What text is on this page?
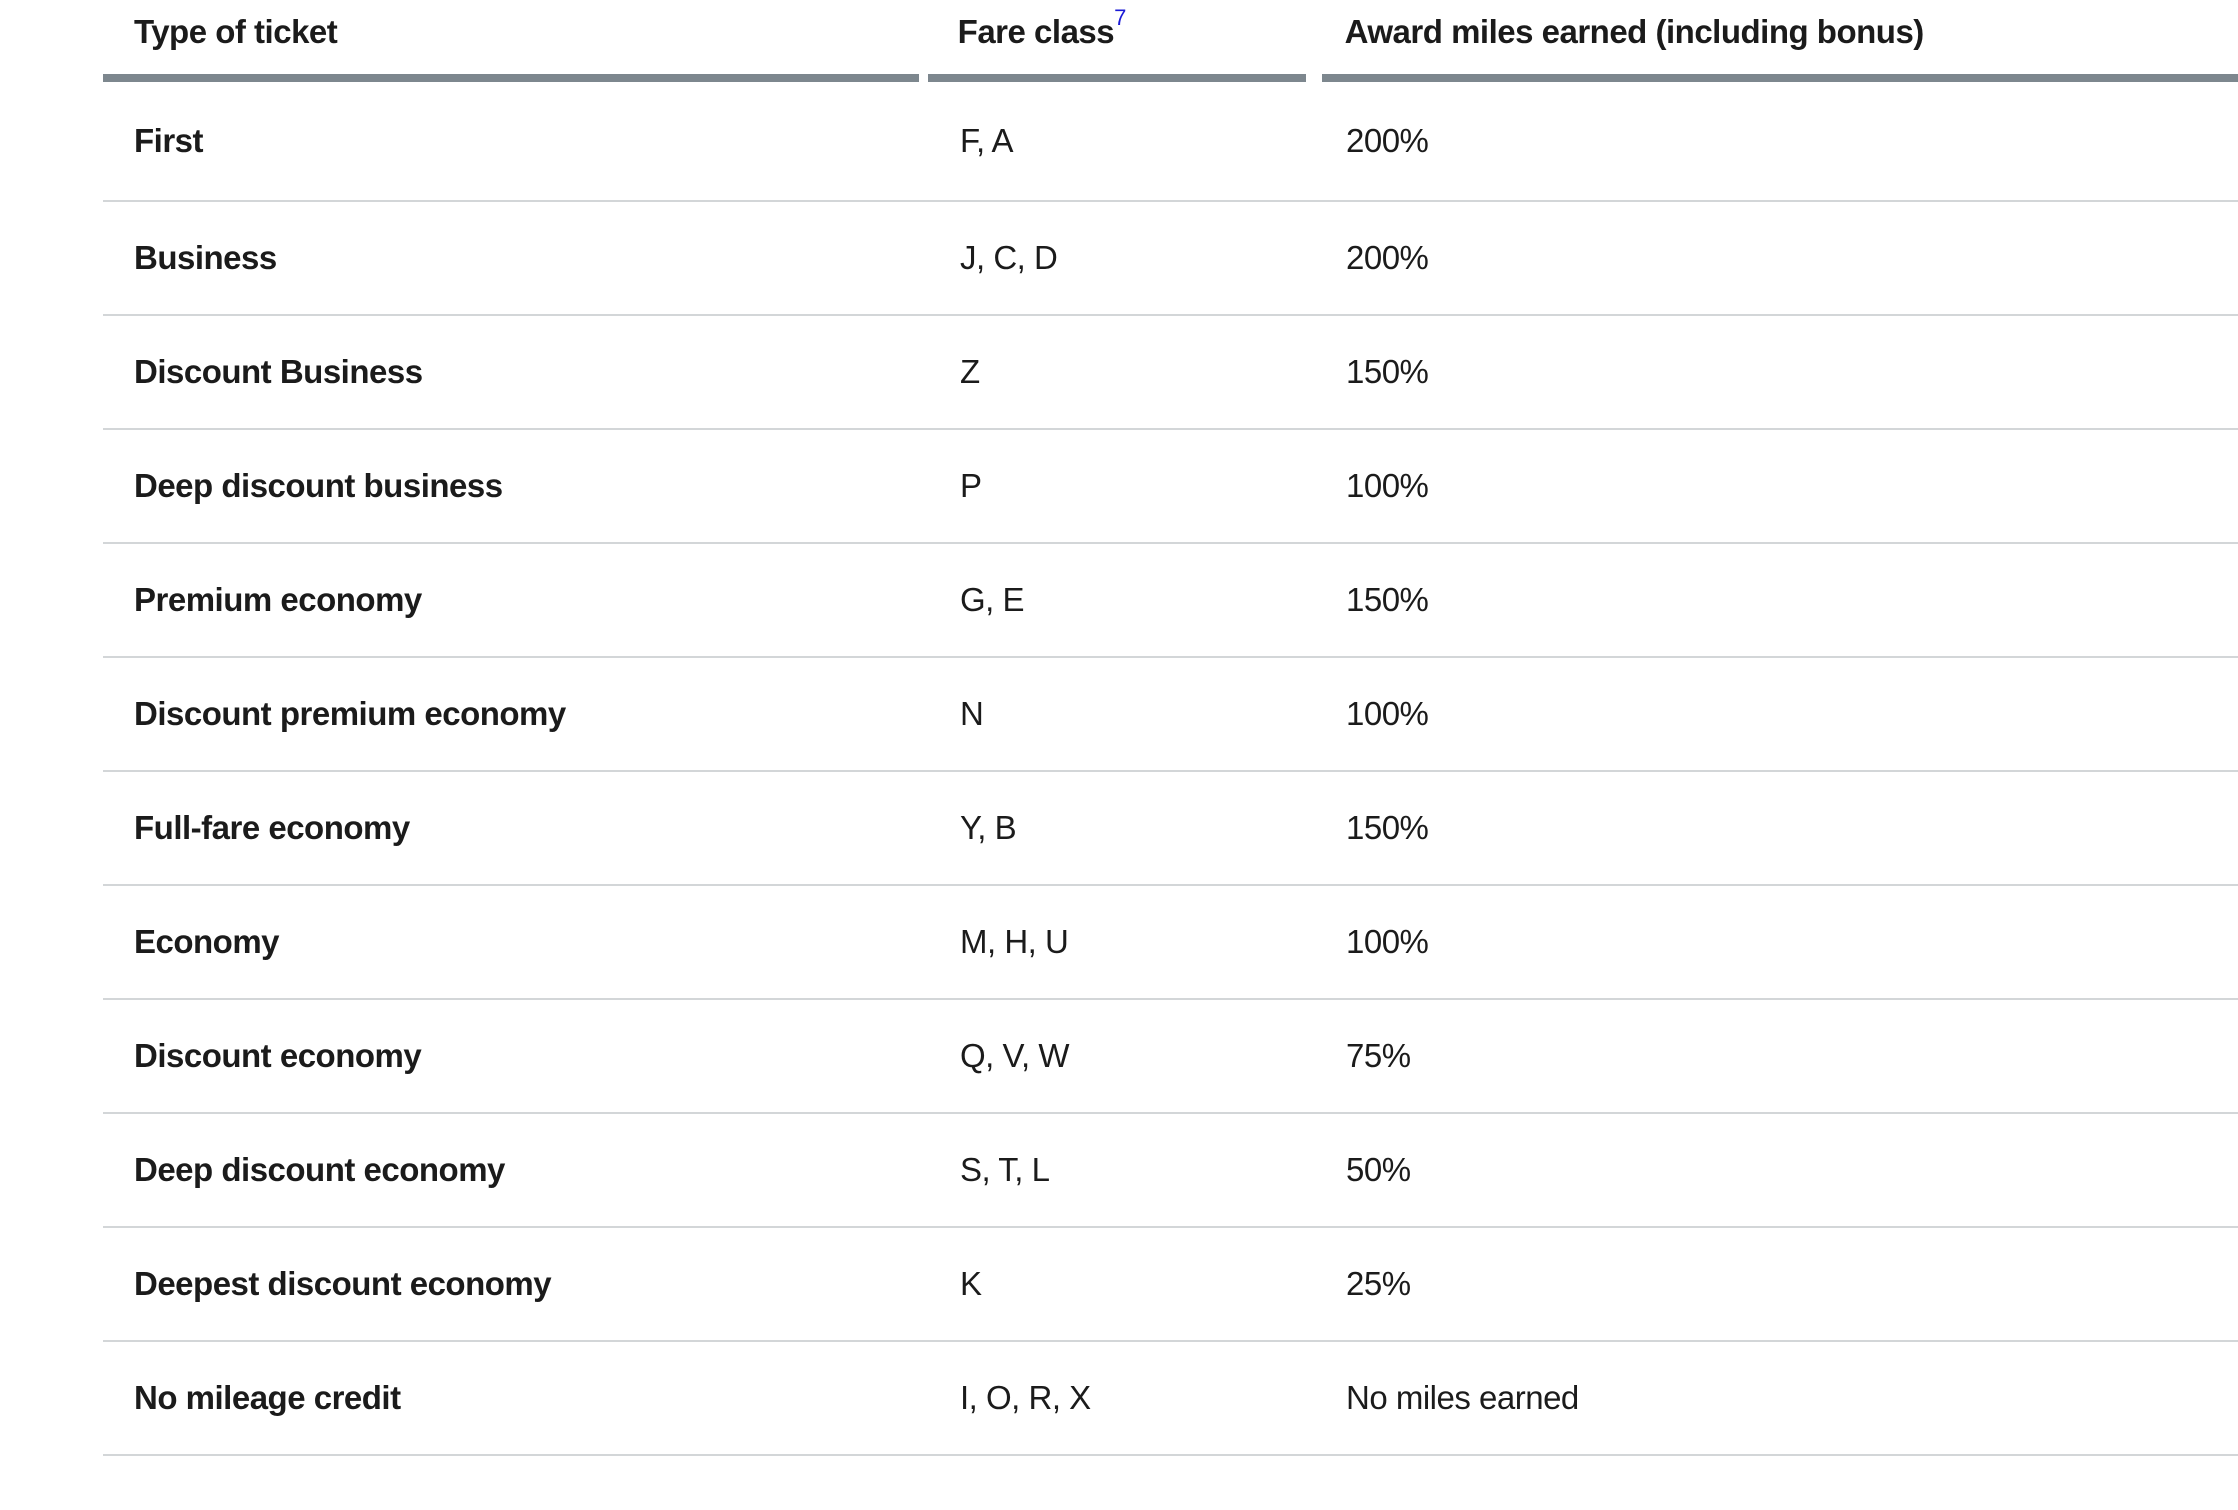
Type of ticket	Fare class$^7$	Award miles earned (including bonus)
First	F, A	200%
Business	J, C, D	200%
Discount Business	Z	150%
Deep discount business	P	100%
Premium economy	G, E	150%
Discount premium economy	N	100%
Full-fare economy	Y, B	150%
Economy	M, H, U	100%
Discount economy	Q, V, W	75%
Deep discount economy	S, T, L	50%
Deepest discount economy	K	25%
No mileage credit	I, O, R, X	No miles earned
